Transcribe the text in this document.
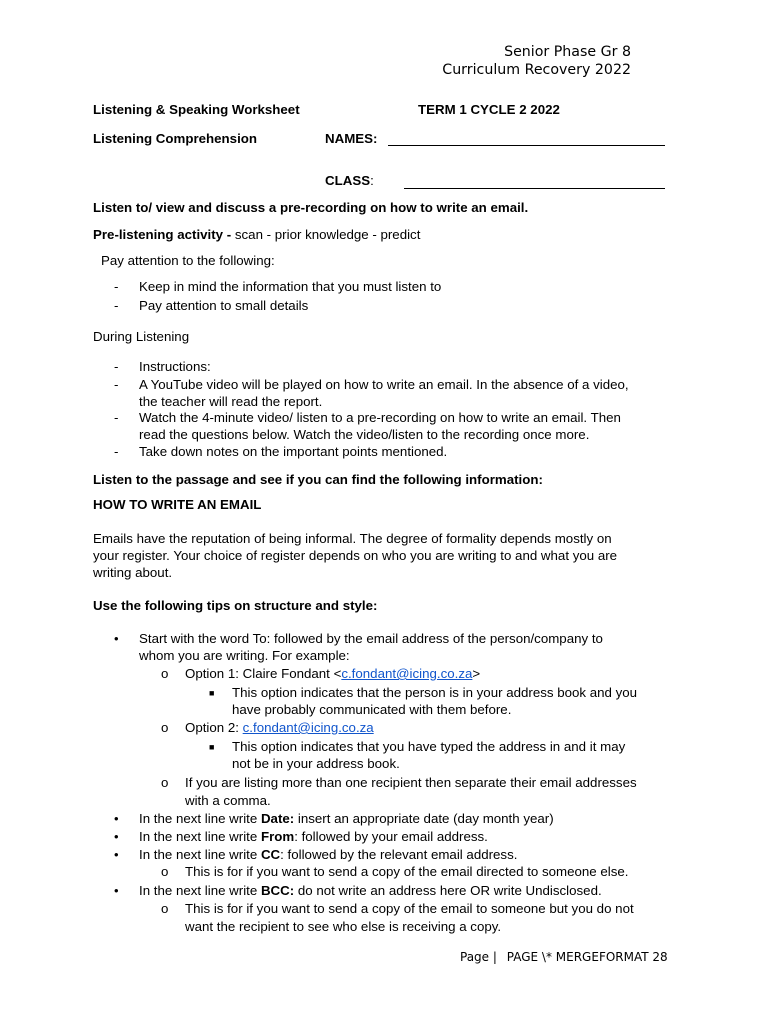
Senior Phase Gr 8
Curriculum Recovery 2022
Listening & Speaking Worksheet	TERM 1 CYCLE 2 2022
Listening Comprehension	NAMES:
CLASS:
Listen to/ view and discuss a pre-recording on how to write an email.
Pre-listening activity - scan - prior knowledge - predict
Pay attention to the following:
- Keep in mind the information that you must listen to
- Pay attention to small details
During Listening
- Instructions:
- A YouTube video will be played on how to write an email. In the absence of a video,
the teacher will read the report.
- Watch the 4-minute video/ listen to a pre-recording on how to write an email. Then
read the questions below. Watch the video/listen to the recording once more.
- Take down notes on the important points mentioned.
Listen to the passage and see if you can find the following information:
HOW TO WRITE AN EMAIL
Emails have the reputation of being informal. The degree of formality depends mostly on
your register. Your choice of register depends on who you are writing to and what you are
writing about.
Use the following tips on structure and style:
• Start with the word To: followed by the email address of the person/company to
whom you are writing. For example:
o Option 1: Claire Fondant <c.fondant@icing.co.za>
■ This option indicates that the person is in your address book and you
have probably communicated with them before.
o Option 2: c.fondant@icing.co.za
■ This option indicates that you have typed the address in and it may
not be in your address book.
o If you are listing more than one recipient then separate their email addresses
with a comma.
• In the next line write Date: insert an appropriate date (day month year)
• In the next line write From: followed by your email address.
• In the next line write CC: followed by the relevant email address.
o This is for if you want to send a copy of the email directed to someone else.
• In the next line write BCC: do not write an address here OR write Undisclosed.
o This is for if you want to send a copy of the email to someone but you do not
want the recipient to see who else is receiving a copy.
Page | PAGE \* MERGEFORMAT 28
